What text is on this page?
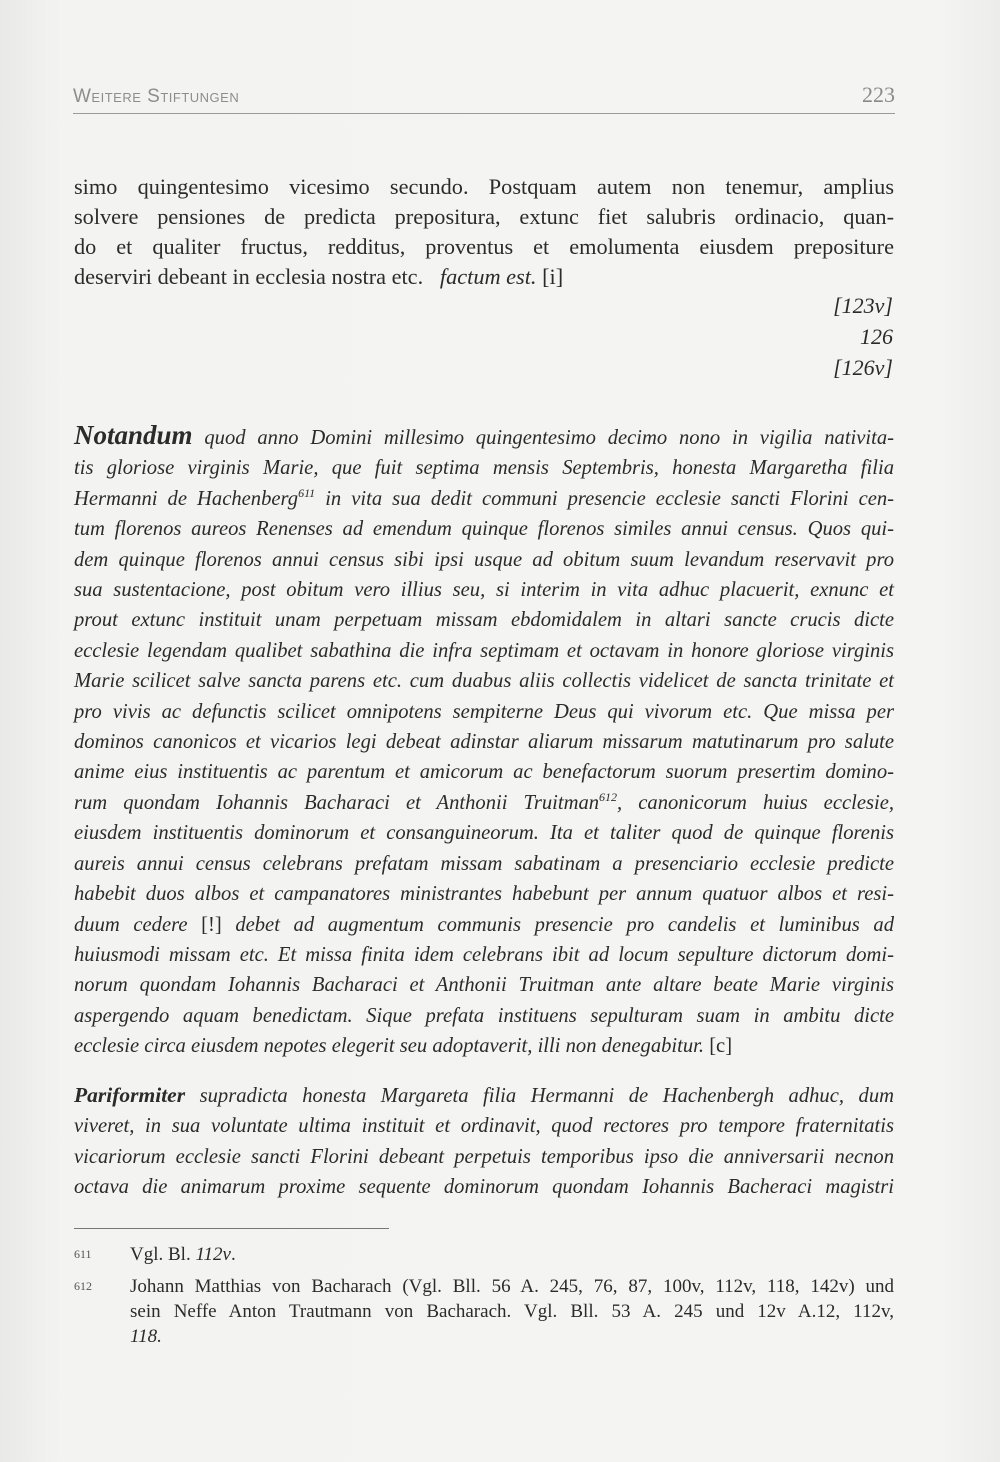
Weitere Stiftungen	223
simo quingentesimo vicesimo secundo. Postquam autem non tenemur, amplius
solvere pensiones de predicta prepositura, extunc fiet salubris ordinacio, quan-
do et qualiter fructus, redditus, proventus et emolumenta eiusdem prepositure
deserviri debeant in ecclesia nostra etc. factum est. [i]
[123v]
126
[126v]
Notandum quod anno Domini millesimo quingentesimo decimo nono in vigilia nativita-
tis gloriose virginis Marie, que fuit septima mensis Septembris, honesta Margaretha filia
Hermanni de Hachenberg$^{611}$ in vita sua dedit communi presencie ecclesie sancti Florini cen-
tum florenos aureos Renenses ad emendum quinque florenos similes annui census. Quos qui-
dem quinque florenos annui census sibi ipsi usque ad obitum suum levandum reservavit pro
sua sustentacione, post obitum vero illius seu, si interim in vita adhuc placuerit, exnunc et
prout extunc instituit unam perpetuam missam ebdomidalem in altari sancte crucis dicte
ecclesie legendam qualibet sabathina die infra septimam et octavam in honore gloriose virginis
Marie scilicet salve sancta parens etc. cum duabus aliis collectis videlicet de sancta trinitate et
pro vivis ac defunctis scilicet omnipotens sempiterne Deus qui vivorum etc. Que missa per
dominos canonicos et vicarios legi debeat adinstar aliarum missarum matutinarum pro salute
anime eius instituentis ac parentum et amicorum ac benefactorum suorum presertim domino-
rum quondam Iohannis Bacharaci et Anthonii Truitman$^{612}$, canonicorum huius ecclesie,
eiusdem instituentis dominorum et consanguineorum. Ita et taliter quod de quinque florenis
aureis annui census celebrans prefatam missam sabatinam a presenciario ecclesie predicte
habebit duos albos et campanatores ministrantes habebunt per annum quatuor albos et resi-
duum cedere [!] debet ad augmentum communis presencie pro candelis et luminibus ad
huiusmodi missam etc. Et missa finita idem celebrans ibit ad locum sepulture dictorum domi-
norum quondam Iohannis Bacharaci et Anthonii Truitman ante altare beate Marie virginis
aspergendo aquam benedictam. Sique prefata instituens sepulturam suam in ambitu dicte
ecclesie circa eiusdem nepotes elegerit seu adoptaverit, illi non denegabitur. [c]
Pariformiter supradicta honesta Margareta filia Hermanni de Hachenbergh adhuc, dum
viveret, in sua voluntate ultima instituit et ordinavit, quod rectores pro tempore fraternitatis
vicariorum ecclesie sancti Florini debeant perpetuis temporibus ipso die anniversarii necnon
octava die animarum proxime sequente dominorum quondam Iohannis Bacheraci magistri
611	Vgl. Bl. 112v.
612	Johann Matthias von Bacharach (Vgl. Bll. 56 A. 245, 76, 87, 100v, 112v, 118, 142v) und
sein Neffe Anton Trautmann von Bacharach. Vgl. Bll. 53 A. 245 und 12v A.12, 112v,
118.
